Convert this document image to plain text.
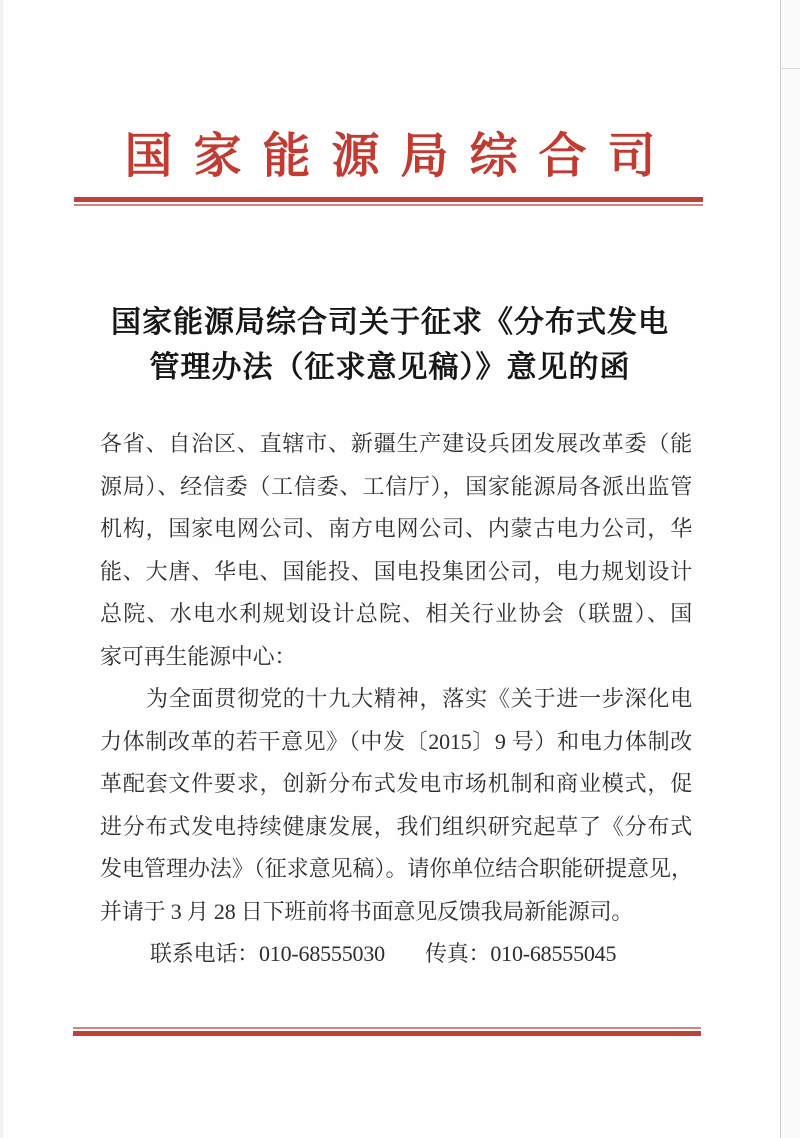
国家能源局综合司
国家能源局综合司关于征求《分布式发电
管理办法（征求意见稿）》意见的函
各省、自治区、直辖市、新疆生产建设兵团发展改革委（能
源局）、经信委（工信委、工信厅），国家能源局各派出监管
机构，国家电网公司、南方电网公司、内蒙古电力公司，华
能、大唐、华电、国能投、国电投集团公司，电力规划设计
总院、水电水利规划设计总院、相关行业协会（联盟）、国
家可再生能源中心：
为全面贯彻党的十九大精神，落实《关于进一步深化电
力体制改革的若干意见》（中发〔2015〕9 号）和电力体制改
革配套文件要求，创新分布式发电市场机制和商业模式，促
进分布式发电持续健康发展，我们组织研究起草了《分布式
发电管理办法》（征求意见稿）。请你单位结合职能研提意见，
并请于 3 月 28 日下班前将书面意见反馈我局新能源司。
联系电话：010-68555030 传真：010-68555045
